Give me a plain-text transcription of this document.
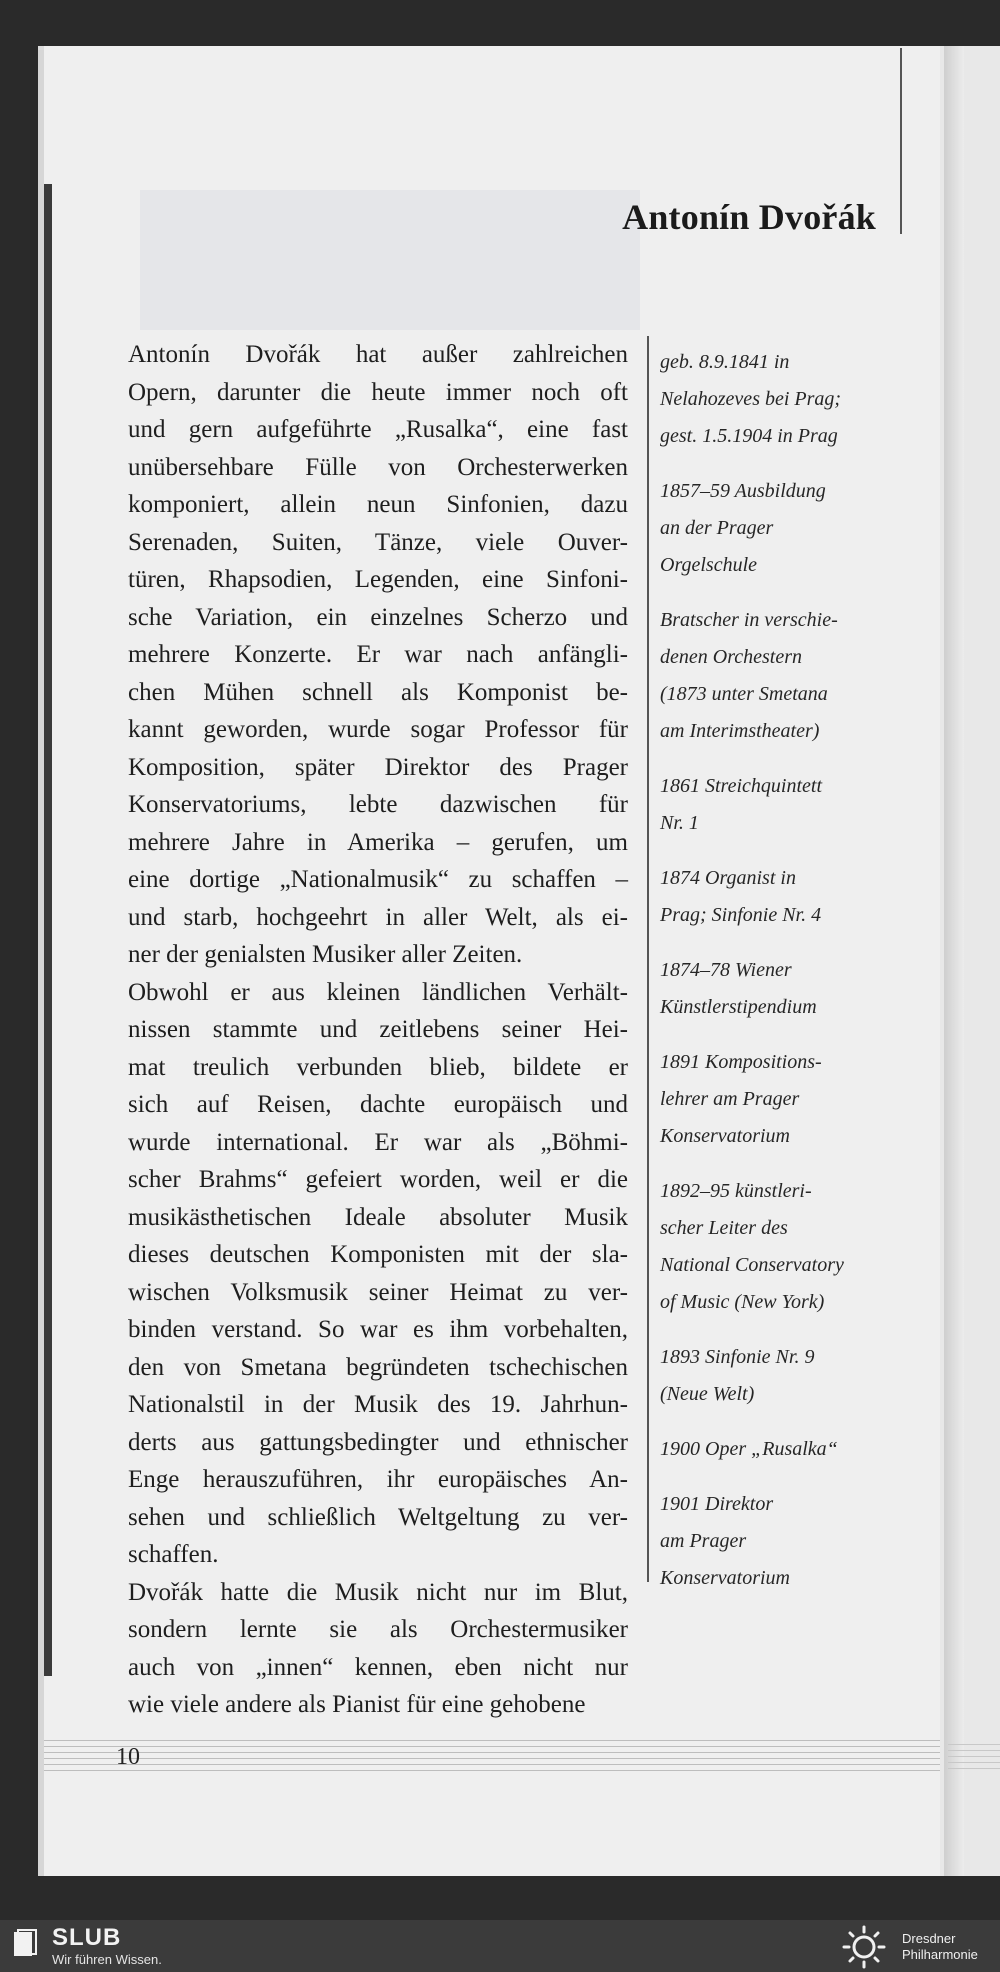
Antonín Dvořák
Antonín Dvořák hat außer zahlreichen
Opern, darunter die heute immer noch oft
und gern aufgeführte „Rusalka“, eine fast
unübersehbare Fülle von Orchesterwerken
komponiert, allein neun Sinfonien, dazu
Serenaden, Suiten, Tänze, viele Ouver-
türen, Rhapsodien, Legenden, eine Sinfoni-
sche Variation, ein einzelnes Scherzo und
mehrere Konzerte. Er war nach anfängli-
chen Mühen schnell als Komponist be-
kannt geworden, wurde sogar Professor für
Komposition, später Direktor des Prager
Konservatoriums, lebte dazwischen für
mehrere Jahre in Amerika – gerufen, um
eine dortige „Nationalmusik“ zu schaffen –
und starb, hochgeehrt in aller Welt, als ei-
ner der genialsten Musiker aller Zeiten.
Obwohl er aus kleinen ländlichen Verhält-
nissen stammte und zeitlebens seiner Hei-
mat treulich verbunden blieb, bildete er
sich auf Reisen, dachte europäisch und
wurde international. Er war als „Böhmi-
scher Brahms“ gefeiert worden, weil er die
musikästhetischen Ideale absoluter Musik
dieses deutschen Komponisten mit der sla-
wischen Volksmusik seiner Heimat zu ver-
binden verstand. So war es ihm vorbehalten,
den von Smetana begründeten tschechischen
Nationalstil in der Musik des 19. Jahrhun-
derts aus gattungsbedingter und ethnischer
Enge herauszuführen, ihr europäisches An-
sehen und schließlich Weltgeltung zu ver-
schaffen.
Dvořák hatte die Musik nicht nur im Blut,
sondern lernte sie als Orchestermusiker
auch von „innen“ kennen, eben nicht nur
wie viele andere als Pianist für eine gehobene
geb. 8.9.1841 in
Nelahozeves bei Prag;
gest. 1.5.1904 in Prag
1857–59 Ausbildung
an der Prager
Orgelschule
Bratscher in verschie-
denen Orchestern
(1873 unter Smetana
am Interimstheater)
1861 Streichquintett
Nr. 1
1874 Organist in
Prag; Sinfonie Nr. 4
1874–78 Wiener
Künstlerstipendium
1891 Kompositions-
lehrer am Prager
Konservatorium
1892–95 künstleri-
scher Leiter des
National Conservatory
of Music (New York)
1893 Sinfonie Nr. 9
(Neue Welt)
1900 Oper „Rusalka“
1901 Direktor
am Prager
Konservatorium
10
SLUB
Wir führen Wissen.
Dresdner
Philharmonie
